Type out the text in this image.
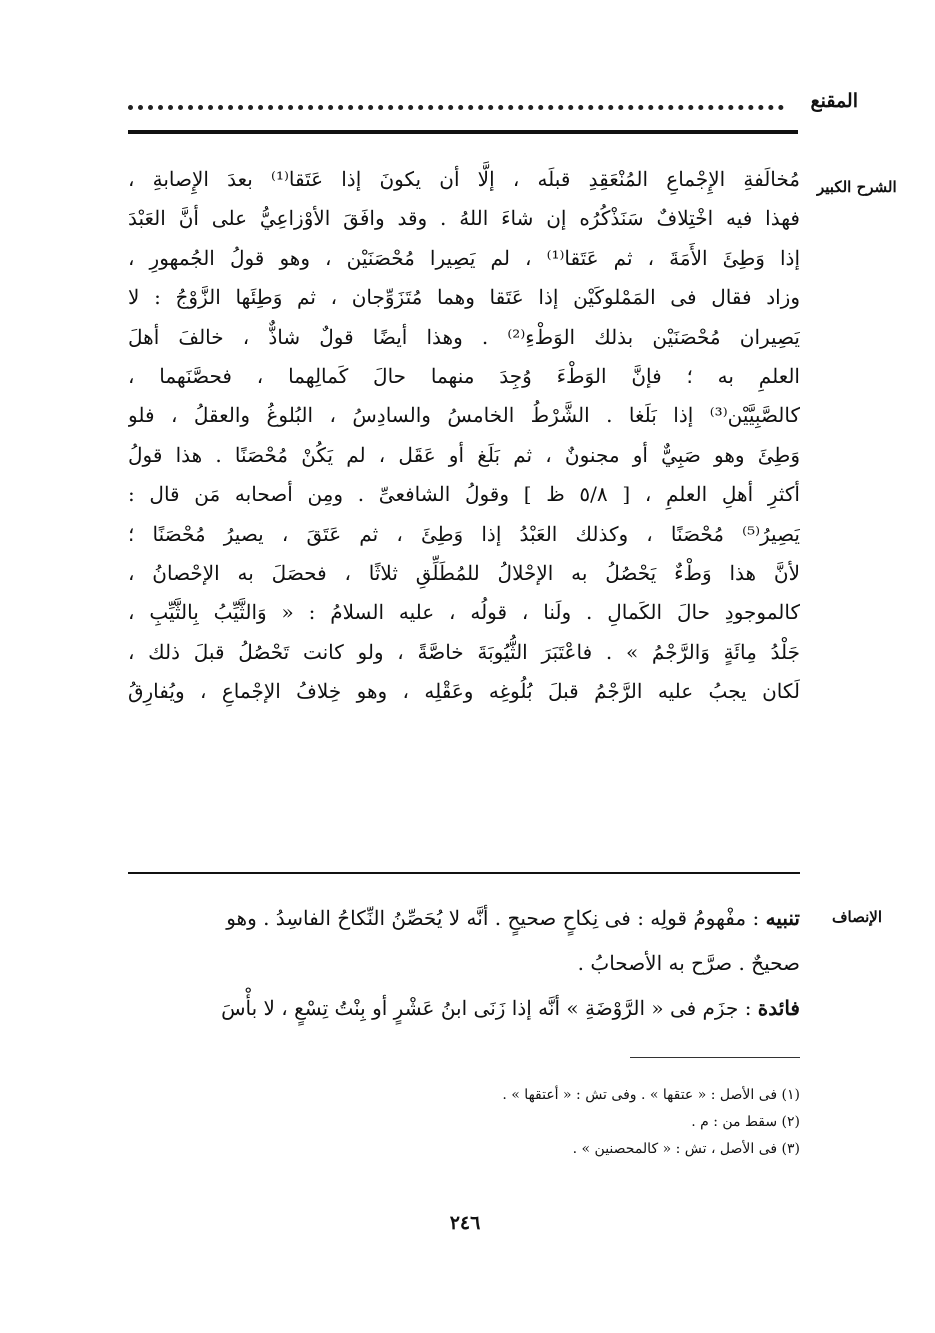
المقنع
الشرح الكبير
مُخالَفةِ الإِجْماعِ المُنْعَقِدِ قبلَه ، إلَّا أن يكونَ إذا عَتَقا⁽¹⁾ بعدَ الإِصابةِ ،
فهذا فيه اخْتِلافٌ سَنَذْكُرُه إن شاءَ اللهُ . وقد وافَقَ الأوْزاعِيُّ على أنَّ العَبْدَ
إذا وَطِئَ الأَمَةَ ، ثم عَتَقا⁽¹⁾ ، لم يَصِيرا مُحْصَنَيْن ، وهو قولُ الجُمهورِ ،
وزاد فقال فى المَمْلوكَيْن إذا عَتَقا وهما مُتَزَوِّجان ، ثم وَطِئَها الزَّوْجُ : لا
يَصِيران مُحْصَنَيْن بذلك الوَطْءِ⁽²⁾ . وهذا أيضًا قولٌ شاذٌّ ، خالفَ أهلَ
العلمِ به ؛ فإنَّ الوَطْءَ وُجِدَ منهما حالَ كَمالِهما ، فحصَّنَهما ،
كالصَّبِيَّيْن⁽³⁾ إذا بَلَغا . الشَّرْطُ الخامسُ والسادِسُ ، البُلوغُ والعقلُ ، فلو
وَطِئَ وهو صَبِيٌّ أو مجنونٌ ، ثم بَلَغ أو عَقَل ، لم يَكُنْ مُحْصَنًا . هذا قولُ
أكثرِ أهلِ العلمِ ، [ ٥/٨ ظ ] وقولُ الشافعىِّ . ومِن أصحابه مَن قال :
يَصِيرُ⁽⁵⁾ مُحْصَنًا ، وكذلك العَبْدُ إذا وَطِئَ ، ثم عَتَقَ ، يصيرُ مُحْصَنًا ؛
لأنَّ هذا وَطْءٌ يَحْصُلُ به الإحْلالُ للمُطَلِّقِ ثلاثًا ، فحصَلَ به الإحْصانُ ،
كالموجودِ حالَ الكَمالِ . ولَنا ، قولُه ، عليه السلامُ : « وَالثَّيِّبُ بِالثَّيِّبِ ،
جَلْدُ مِائَةٍ وَالرَّجْمُ » . فاعْتَبَرَ الثُّيُوبَةَ خاصَّةً ، ولو كانت تَحْصُلُ قبلَ ذلك ،
لَكان يجبُ عليه الرَّجْمُ قبلَ بُلُوغِه وعَقْلِه ، وهو خِلافُ الإجْماعِ ، ويُفارِقُ
الإنصاف
تنبيه : مفْهومُ قولِه : فى نِكاحٍ صحيحٍ . أنَّه لا يُحَصِّنُ النِّكاحُ الفاسِدُ . وهو
صحيحٌ . صرَّح به الأصحابُ .
فائدة : جزَم فى « الرَّوْضَةِ » أنَّه إذا زَنَى ابنُ عَشْرٍ أو بِنْتُ تِسْعٍ ، لا بأْسَ
(١) فى الأصل : « عتقها » . وفى تش : « أعتقها » .
(٢) سقط من : م .
(٣) فى الأصل ، تش : « كالمحصنين » .
٢٤٦
